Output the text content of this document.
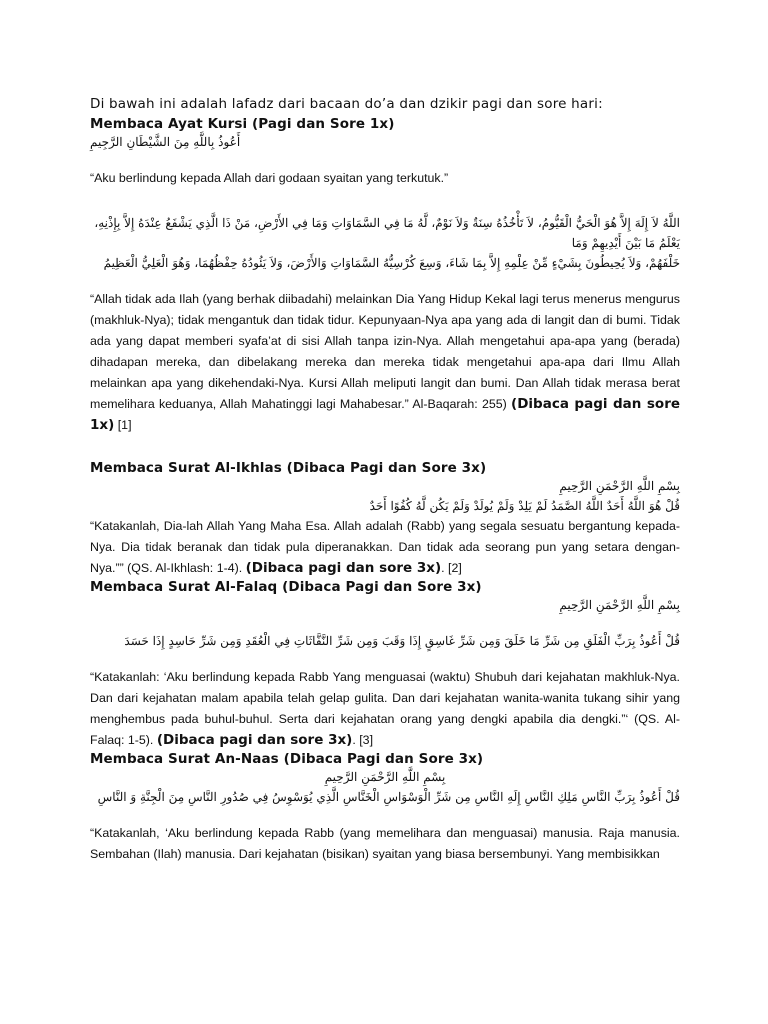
Di bawah ini adalah lafadz dari bacaan do’a dan dzikir pagi dan sore hari:

Membaca Ayat Kursi (Pagi dan Sore 1x)

أَعُوذُ بِاللَّهِ مِنَ الشَّيْطَانِ الرَّجِيمِ

“Aku berlindung kepada Allah dari godaan syaitan yang terkutuk.”

اللَّهُ لاَ إِلَهَ إِلاَّ هُوَ الْحَيُّ الْقَيُّومُ، لاَ تَأْخُذُهُ سِنَةٌ وَلاَ نَوْمٌ، لَّهُ مَا فِي السَّمَاوَاتِ وَمَا فِي الأَرْضِ، مَنْ ذَا الَّذِي يَشْفَعُ عِنْدَهُ إِلاَّ بِإِذْنِهِ، يَعْلَمُ مَا بَيْنَ أَيْدِيهِمْ وَمَا

خَلْفَهُمْ، وَلاَ يُحِيطُونَ بِشَيْءٍ مِّنْ عِلْمِهِ إِلاَّ بِمَا شَاءَ، وَسِعَ كُرْسِيُّهُ السَّمَاوَاتِ وَالأَرْضَ، وَلاَ يَئُودُهُ حِفْظُهُمَا، وَهُوَ الْعَلِيُّ الْعَظِيمُ

“Allah tidak ada Ilah (yang berhak diibadahi) melainkan Dia Yang Hidup Kekal lagi terus menerus mengurus (makhluk-Nya); tidak mengantuk dan tidak tidur. Kepunyaan-Nya apa yang ada di langit dan di bumi. Tidak ada yang dapat memberi syafa’at di sisi Allah tanpa izin-Nya. Allah mengetahui apa-apa yang (berada) dihadapan mereka, dan dibelakang mereka dan mereka tidak mengetahui apa-apa dari Ilmu Allah melainkan apa yang dikehendaki-Nya. Kursi Allah meliputi langit dan bumi. Dan Allah tidak merasa berat memelihara keduanya, Allah Mahatinggi lagi Mahabesar.” Al-Baqarah: 255) (Dibaca pagi dan sore 1x) [1]

Membaca Surat Al-Ikhlas (Dibaca Pagi dan Sore 3x)

بِسْمِ اللَّهِ الرَّحْمَنِ الرَّحِيمِ

قُلْ هُوَ اللَّهُ أَحَدٌ اللَّهُ الصَّمَدُ لَمْ يَلِدْ وَلَمْ يُولَدْ وَلَمْ يَكُن لَّهُ كُفُوًا أَحَدٌ

“Katakanlah, Dia-lah Allah Yang Maha Esa. Allah adalah (Rabb) yang segala sesuatu bergantung kepada-Nya. Dia tidak beranak dan tidak pula diperanakkan. Dan tidak ada seorang pun yang setara dengan-Nya.”” (QS. Al-Ikhlash: 1-4). (Dibaca pagi dan sore 3x). [2]

Membaca Surat Al-Falaq (Dibaca Pagi dan Sore 3x)

بِسْمِ اللَّهِ الرَّحْمَنِ الرَّحِيمِ

قُلْ أَعُوذُ بِرَبِّ الْفَلَقِ مِن شَرِّ مَا خَلَقَ وَمِن شَرِّ غَاسِقٍ إِذَا وَقَبَ وَمِن شَرِّ النَّفَّاثَاتِ فِي الْعُقَدِ وَمِن شَرِّ حَاسِدٍ إِذَا حَسَدَ

“Katakanlah: ‘Aku berlindung kepada Rabb Yang menguasai (waktu) Shubuh dari kejahatan makhluk-Nya. Dan dari kejahatan malam apabila telah gelap gulita. Dan dari kejahatan wanita-wanita tukang sihir yang menghembus pada buhul-buhul. Serta dari kejahatan orang yang dengki apabila dia dengki.”‘ (QS. Al-Falaq: 1-5). (Dibaca pagi dan sore 3x). [3]

Membaca Surat An-Naas (Dibaca Pagi dan Sore 3x)

بِسْمِ اللَّهِ الرَّحْمَنِ الرَّحِيمِ

قُلْ أَعُوذُ بِرَبِّ النَّاسِ مَلِكِ النَّاسِ إِلَهِ النَّاسِ مِن شَرِّ الْوَسْوَاسِ الْخَنَّاسِ الَّذِي يُوَسْوِسُ فِي صُدُورِ النَّاسِ مِنَ الْجِنَّةِ وَ النَّاسِ

“Katakanlah, ‘Aku berlindung kepada Rabb (yang memelihara dan menguasai) manusia. Raja manusia. Sembahan (Ilah) manusia. Dari kejahatan (bisikan) syaitan yang biasa bersembunyi. Yang membisikkan
